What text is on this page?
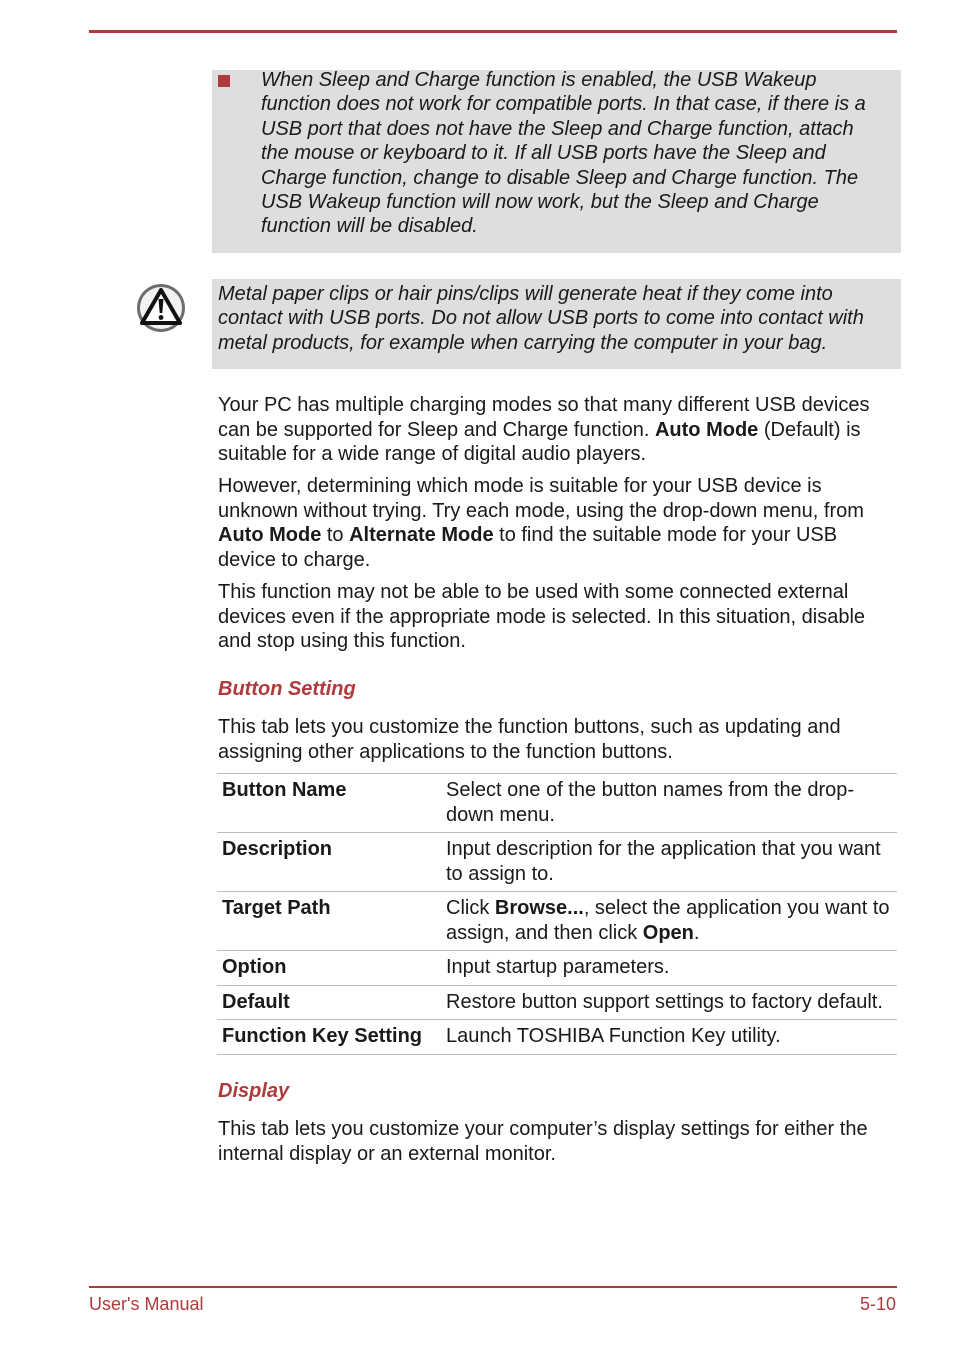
When Sleep and Charge function is enabled, the USB Wakeup function does not work for compatible ports. In that case, if there is a USB port that does not have the Sleep and Charge function, attach the mouse or keyboard to it. If all USB ports have the Sleep and Charge function, change to disable Sleep and Charge function. The USB Wakeup function will now work, but the Sleep and Charge function will be disabled.

Metal paper clips or hair pins/clips will generate heat if they come into contact with USB ports. Do not allow USB ports to come into contact with metal products, for example when carrying the computer in your bag.

Your PC has multiple charging modes so that many different USB devices can be supported for Sleep and Charge function. Auto Mode (Default) is suitable for a wide range of digital audio players.

However, determining which mode is suitable for your USB device is unknown without trying. Try each mode, using the drop-down menu, from Auto Mode to Alternate Mode to find the suitable mode for your USB device to charge.

This function may not be able to be used with some connected external devices even if the appropriate mode is selected. In this situation, disable and stop using this function.

Button Setting

This tab lets you customize the function buttons, such as updating and assigning other applications to the function buttons.

Button Name	Select one of the button names from the drop-down menu.
Description	Input description for the application that you want to assign to.
Target Path	Click Browse..., select the application you want to assign, and then click Open.
Option	Input startup parameters.
Default	Restore button support settings to factory default.
Function Key Setting	Launch TOSHIBA Function Key utility.
Display

This tab lets you customize your computer’s display settings for either the internal display or an external monitor.

User's Manual	5-10
